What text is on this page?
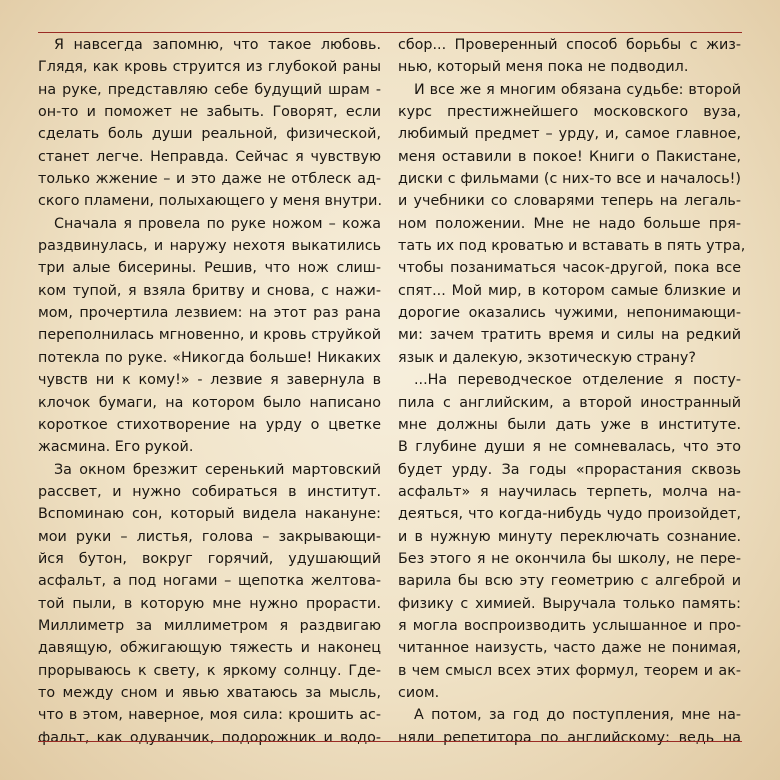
Я навсегда запомню, что такое любовь.
Глядя, как кровь струится из глубокой раны
на руке, представляю себе будущий шрам -
он-то и поможет не забыть. Говорят, если
сделать боль души реальной, физической,
станет легче. Неправда. Сейчас я чувствую
только жжение – и это даже не отблеск ад-
ского пламени, полыхающего у меня внутри.
Сначала я провела по руке ножом – кожа
раздвинулась, и наружу нехотя выкатились
три алые бисерины. Решив, что нож слиш-
ком тупой, я взяла бритву и снова, с нажи-
мом, прочертила лезвием: на этот раз рана
переполнилась мгновенно, и кровь струйкой
потекла по руке. «Никогда больше! Никаких
чувств ни к кому!» - лезвие я завернула в
клочок бумаги, на котором было написано
короткое стихотворение на урду о цветке
жасмина. Его рукой.
За окном брезжит серенький мартовский
рассвет, и нужно собираться в институт.
Вспоминаю сон, который видела накануне:
мои руки – листья, голова – закрывающи-
йся бутон, вокруг горячий, удушающий
асфальт, а под ногами – щепотка желтова-
той пыли, в которую мне нужно прорасти.
Миллиметр за миллиметром я раздвигаю
давящую, обжигающую тяжесть и наконец
прорываюсь к свету, к яркому солнцу. Где-
то между сном и явью хватаюсь за мысль,
что в этом, наверное, моя сила: крошить ас-
фальт, как одуванчик, подорожник и водо-
сбор... Проверенный способ борьбы с жиз-
нью, который меня пока не подводил.
И все же я многим обязана судьбе: второй
курс престижнейшего московского вуза,
любимый предмет – урду, и, самое главное,
меня оставили в покое! Книги о Пакистане,
диски с фильмами (с них-то все и началось!)
и учебники со словарями теперь на легаль-
ном положении. Мне не надо больше пря-
тать их под кроватью и вставать в пять утра,
чтобы позаниматься часок-другой, пока все
спят... Мой мир, в котором самые близкие и
дорогие оказались чужими, непонимающи-
ми: зачем тратить время и силы на редкий
язык и далекую, экзотическую страну?
...На переводческое отделение я посту-
пила с английским, а второй иностранный
мне должны были дать уже в институте.
В глубине души я не сомневалась, что это
будет урду. За годы «прорастания сквозь
асфальт» я научилась терпеть, молча на-
деяться, что когда-нибудь чудо произойдет,
и в нужную минуту переключать сознание.
Без этого я не окончила бы школу, не пере-
варила бы всю эту геометрию с алгеброй и
физику с химией. Выручала только память:
я могла воспроизводить услышанное и про-
читанное наизусть, часто даже не понимая,
в чем смысл всех этих формул, теорем и ак-
сиом.
А потом, за год до поступления, мне на-
няли репетитора по английскому: ведь на
